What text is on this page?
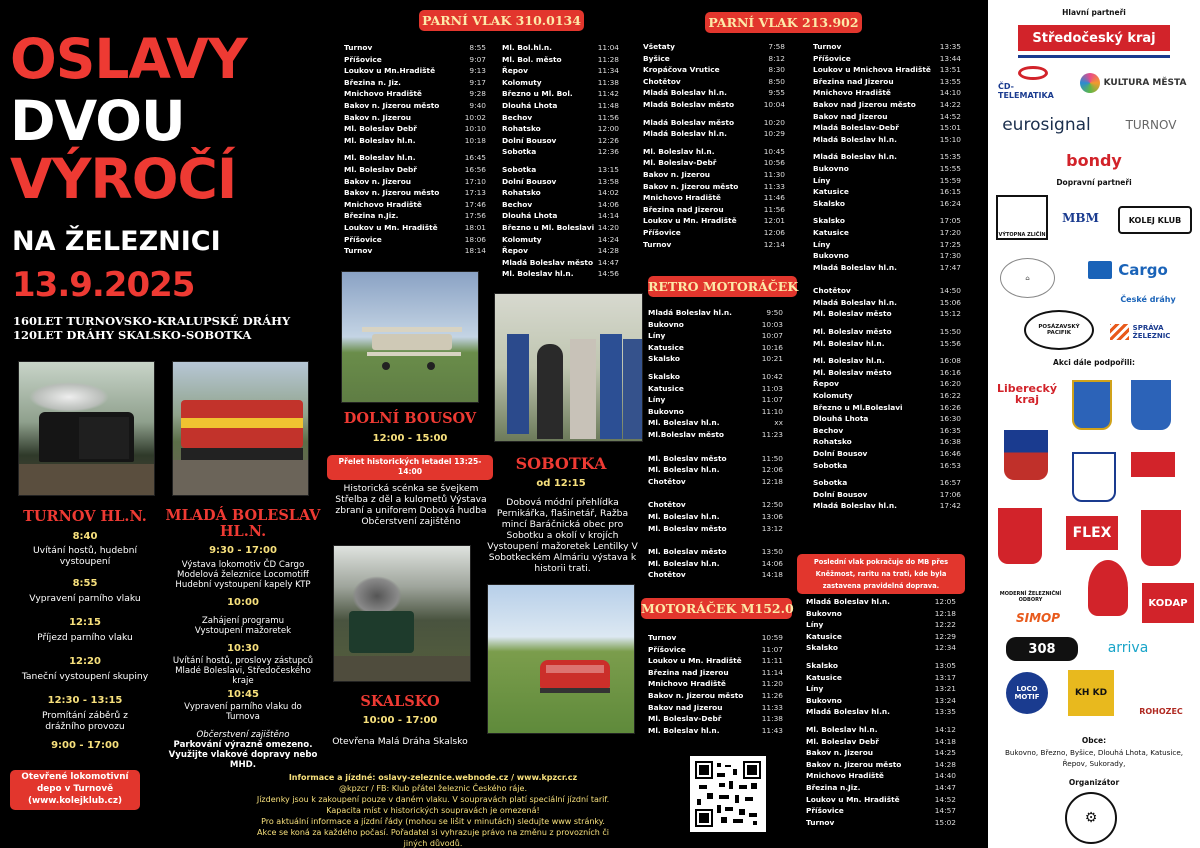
OSLAVY
DVOU
VÝROČÍ
NA ŽELEZNICI
13.9.2025
160LET TURNOVSKO-KRALUPSKÉ DRÁHY
120LET DRÁHY SKALSKO-SOBOTKA
TURNOV HL.N.
8:40
Uvítání hostů, hudební vystoupení
8:55
Vypravení parního vlaku
12:15
Příjezd parního vlaku
12:20
Taneční vystoupení skupiny
12:30 - 13:15
Promítání záběrů z drážního provozu
9:00 - 17:00
Otevřené lokomotivní depo v Turnově (www.kolejklub.cz)
MLADÁ BOLESLAV HL.N.
9:30 - 17:00
Výstava lokomotiv ČD Cargo Modelová železnice Locomotiff Hudební vystoupení kapely KTP
10:00
Zahájení programu Vystoupení mažoretek
10:30
Uvítání hostů, proslovy zástupců Mladé Boleslavi, Středočeského kraje
10:45
Vypravení parního vlaku do Turnova
Občerstvení zajištěno
Parkování výrazně omezeno.
Využijte vlakové dopravy nebo MHD.
DOLNÍ BOUSOV
12:00 - 15:00
Přelet historických letadel 13:25-14:00
Historická scénka se švejkem Střelba z děl a kulometů Výstava zbraní a uniforem Dobová hudba Občerstvení zajištěno
SKALSKO
10:00 - 17:00
Otevřena Malá Dráha Skalsko
SOBOTKA
od 12:15
Dobová módní přehlídka Pernikářka, flašinetář, Ražba mincí Baráčnická obec pro Sobotku a okolí v krojích Vystoupení mažoretek Lentilky V Sobotkeckém Almáriu výstava k historii trati.
Informace a jízdné: oslavy-zeleznice.webnode.cz / www.kpzcr.cz
@kpzcr / FB: Klub přátel železnic Českého ráje.
Jízdenky jsou k zakoupení pouze v daném vlaku. V soupravách platí speciální jízdní tarif.
Kapacita míst v historických soupravách je omezená!
Pro aktuální informace a jízdní řády (mohou se lišit v minutách) sledujte www stránky.
Akce se koná za každého počasí. Pořadatel si vyhrazuje právo na změnu z provozních či jiných důvodů.
PARNÍ VLAK 310.0134	PARNÍ VLAK 213.902
RETRO MOTORÁČEK
MOTORÁČEK M152.0
Poslední vlak pokračuje do MB přes Kněžmost, raritu na trati, kde byla zastavena pravidelná doprava.
Turnov	8:55
Příšovice	9:07
Loukov u Mn.Hradiště	9:13
Březina n. Jiz.	9:17
Mnichovo Hradiště	9:28
Bakov n. Jizerou město	9:40
Bakov n. Jizerou	10:02
Ml. Boleslav Debř	10:10
Ml. Boleslav hl.n.	10:18
Ml. Boleslav hl.n.	16:45
Ml. Boleslav Debř	16:56
Bakov n. Jizerou	17:10
Bakov n. Jizerou město	17:13
Mnichovo Hradiště	17:46
Březina n.Jiz.	17:56
Loukov u Mn. Hradiště	18:01
Příšovice	18:06
Turnov	18:14
Ml. Bol.hl.n.	11:04
Ml. Bol. město	11:28
Řepov	11:34
Kolomuty	11:38
Březno u Ml. Bol.	11:42
Dlouhá Lhota	11:48
Bechov	11:56
Rohatsko	12:00
Dolní Bousov	12:26
Sobotka	12:36
Sobotka	13:15
Dolní Bousov	13:58
Rohatsko	14:02
Bechov	14:06
Dlouhá Lhota	14:14
Březno u Ml. Boleslavi 14:20
Kolomuty	14:24
Řepov	14:28
Mladá Boleslav město 14:47
Ml. Boleslav hl.n.	14:56
Všetaty	7:58
Byšice	8:12
Kropáčova Vrutice	8:30
Chotětov	8:50
Mladá Boleslav hl.n.	9:55
Mladá Boleslav město	10:04
Mladá Boleslav město	10:20
Mladá Boleslav hl.n.	10:29
Ml. Boleslav hl.n.	10:45
Ml. Boleslav-Debř	10:56
Bakov n. Jizerou	11:30
Bakov n. Jizerou město	11:33
Mnichovo Hradiště	11:46
Březina nad Jizerou	11:56
Loukov u Mn. Hradiště	12:01
Příšovice	12:06
Turnov	12:14
Turnov	13:35
Příšovice	13:44
Loukov u Mnichova Hradiště 13:51
Březina nad Jizerou	13:55
Mnichovo Hradiště	14:10
Bakov nad Jizerou město	14:22
Bakov nad Jizerou	14:52
Mladá Boleslav-Debř	15:01
Mladá Boleslav hl.n.	15:10
Mladá Boleslav hl.n.	15:35
Bukovno	15:55
Líny	15:59
Katusice	16:15
Skalsko	16:24
Skalsko	17:05
Katusice	17:20
Líny	17:25
Bukovno	17:30
Mladá Boleslav hl.n.	17:47
Chotětov	14:50
Mladá Boleslav hl.n.	15:06
Ml. Boleslav město	15:12
Ml. Boleslav město	15:50
Ml. Boleslav hl.n.	15:56
Ml. Boleslav hl.n.	16:08
Ml. Boleslav město	16:16
Řepov	16:20
Kolomuty	16:22
Březno u Ml.Boleslavi	16:26
Dlouhá Lhota	16:30
Bechov	16:35
Rohatsko	16:38
Dolní Bousov	16:46
Sobotka	16:53
Sobotka	16:57
Dolní Bousov	17:06
Mladá Boleslav hl.n.	17:42
Mladá Boleslav hl.n.	9:50
Bukovno	10:03
Líny	10:07
Katusice	10:16
Skalsko	10:21
Skalsko	10:42
Katusice	11:03
Líny	11:07
Bukovno	11:10
Ml. Boleslav hl.n.	xx
Ml.Boleslav město	11:23
Ml. Boleslav město	11:50
Ml. Boleslav hl.n.	12:06
Chotětov	12:18
Chotětov	12:50
Ml. Boleslav hl.n.	13:06
Ml. Boleslav město	13:12
Ml. Boleslav město	13:50
Ml. Boleslav hl.n.	14:06
Chotětov	14:18
Turnov	10:59
Příšovice	11:07
Loukov u Mn. Hradiště	11:11
Březina nad Jizerou	11:14
Mnichovo Hradiště	11:20
Bakov n. Jizerou město 11:26
Bakov nad Jizerou	11:33
Ml. Boleslav-Debř	11:38
Ml. Boleslav hl.n.	11:43
Mladá Boleslav hl.n.	12:05
Bukovno	12:18
Líny	12:22
Katusice	12:29
Skalsko	12:34
Skalsko	13:05
Katusice	13:17
Líny	13:21
Bukovno	13:24
Mladá Boleslav hl.n.	13:35
Ml. Boleslav hl.n.	14:12
Ml. Boleslav Debř	14:18
Bakov n. Jizerou	14:25
Bakov n. Jizerou město	14:28
Mnichovo Hradiště	14:40
Březina n.Jiz.	14:47
Loukov u Mn. Hradiště	14:52
Příšovice	14:57
Turnov	15:02
Hlavní partneři
Středočeský kraj
ČD-TELEMATIKA
KULTURA MĚSTA
eurosignal	TURNOV
bondy
Dopravní partneři
VÝTOPNA ZLIČÍN
MBM	KOLEJ KLUB
⌂	Cargo
České dráhy
POSÁZAVSKÝ PACIFIK
SPRÁVA ŽELEZNIC
Akci dále podpořili:
Liberecký kraj
FLEX
MODERNÍ ŽELEZNIČNÍ ODBORY	KODAP
SIMOP
308	arriva
LOCO MOTIF	KH KD
ROHOZEC
Obce:
Bukovno, Březno, Byšice, Dlouhá Lhota, Katusice, Řepov, Sukorady,
Organizátor
⚙
